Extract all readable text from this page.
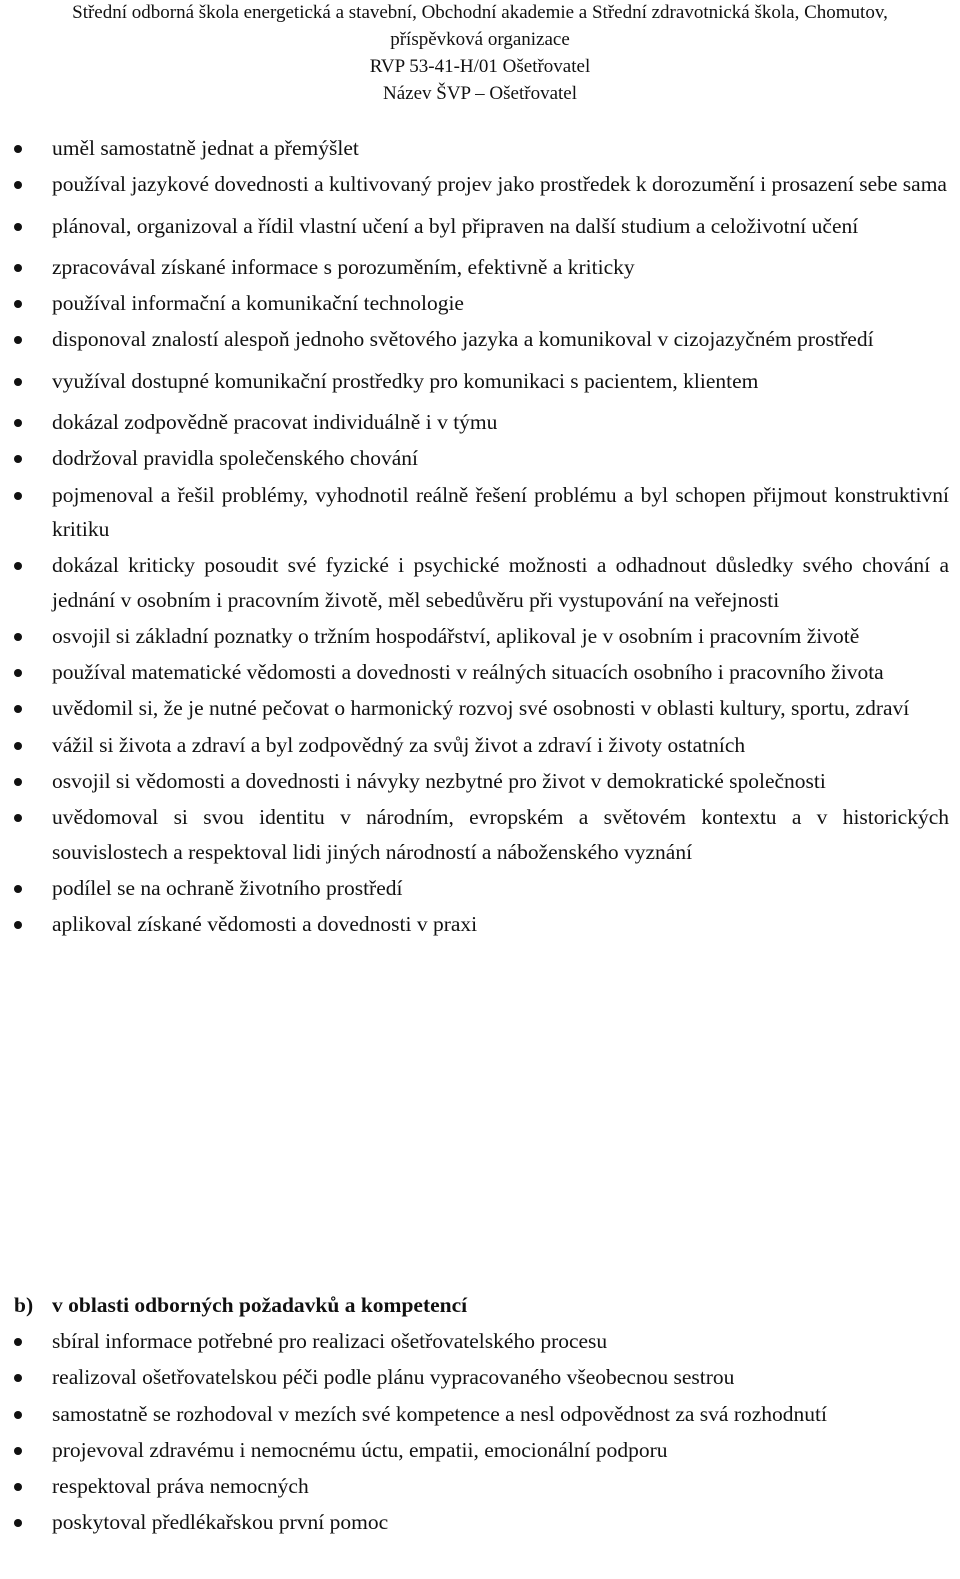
Střední odborná škola energetická a stavební, Obchodní akademie a Střední zdravotnická škola, Chomutov,
příspěvková organizace
RVP 53-41-H/01 Ošetřovatel
Název ŠVP – Ošetřovatel
uměl samostatně jednat a přemýšlet
používal jazykové dovednosti a kultivovaný projev jako prostředek k dorozumění i prosazení sebe sama
plánoval, organizoval a řídil vlastní učení a byl připraven na další studium a celoživotní učení
zpracovával získané informace s porozuměním, efektivně a kriticky
používal informační a komunikační technologie
disponoval znalostí alespoň jednoho světového jazyka a komunikoval v cizojazyčném prostředí
využíval dostupné komunikační prostředky pro komunikaci s pacientem, klientem
dokázal zodpovědně pracovat individuálně i v týmu
dodržoval pravidla společenského chování
pojmenoval a řešil problémy, vyhodnotil reálně řešení problému a byl schopen přijmout konstruktivní kritiku
dokázal kriticky posoudit své fyzické i psychické možnosti a odhadnout důsledky svého chování a jednání v osobním i pracovním životě, měl sebedůvěru při vystupování na veřejnosti
osvojil si základní poznatky o tržním hospodářství, aplikoval je v osobním i pracovním životě
používal matematické vědomosti a dovednosti v reálných situacích osobního i pracovního života
uvědomil si, že je nutné pečovat o harmonický rozvoj své osobnosti v oblasti kultury, sportu, zdraví
vážil si života a zdraví a byl zodpovědný za svůj život a zdraví i životy ostatních
osvojil si vědomosti a dovednosti i návyky nezbytné pro život v demokratické společnosti
uvědomoval si svou identitu v národním, evropském a světovém kontextu a v historických souvislostech a respektoval lidi jiných národností a náboženského vyznání
podílel se na ochraně životního prostředí
aplikoval získané vědomosti a dovednosti v praxi
b) v oblasti odborných požadavků a kompetencí
sbíral informace potřebné pro realizaci ošetřovatelského procesu
realizoval ošetřovatelskou péči podle plánu vypracovaného všeobecnou sestrou
samostatně se rozhodoval v mezích své kompetence a nesl odpovědnost za svá rozhodnutí
projevoval zdravému i nemocnému úctu, empatii, emocionální podporu
respektoval práva nemocných
poskytoval předlékařskou první pomoc
